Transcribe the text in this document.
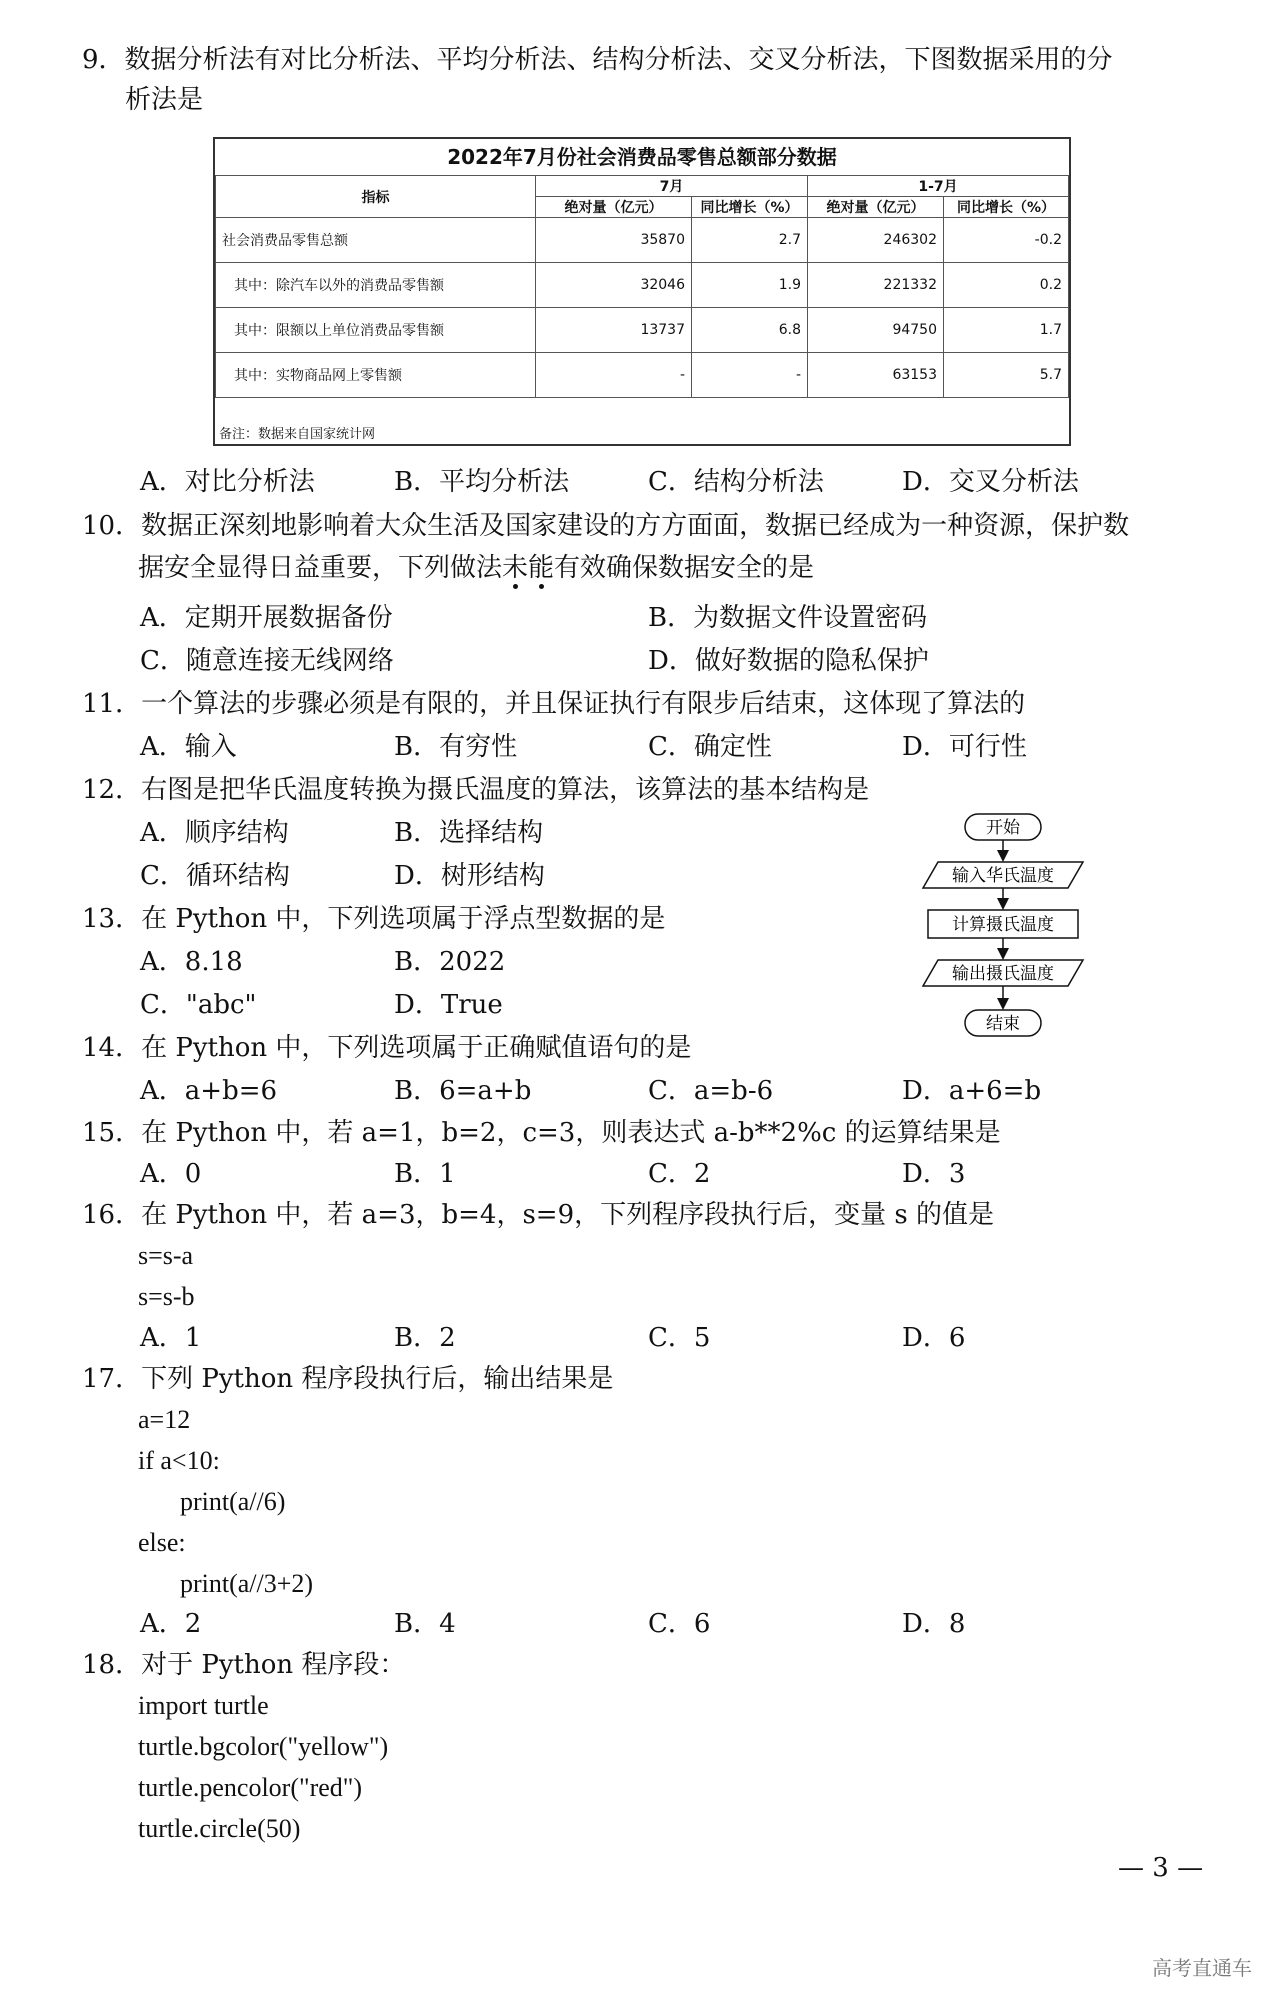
9．数据分析法有对比分析法、平均分析法、结构分析法、交叉分析法，下图数据采用的分
析法是
2022年7月份社会消费品零售总额部分数据
指标	7月		1-7月	
	绝对量（亿元）	同比增长（%）	绝对量（亿元）	同比增长（%）
社会消费品零售总额	35870	2.7	246302	-0.2
其中：除汽车以外的消费品零售额	32046	1.9	221332	0.2
其中：限额以上单位消费品零售额	13737	6.8	94750	1.7
其中：实物商品网上零售额	-	-	63153	5.7
备注：数据来自国家统计网
A．对比分析法	B．平均分析法	C．结构分析法	D．交叉分析法
10．数据正深刻地影响着大众生活及国家建设的方方面面，数据已经成为一种资源，保护数
据安全显得日益重要，下列做法未能有效确保数据安全的是
A．定期开展数据备份	B．为数据文件设置密码
C．随意连接无线网络	D．做好数据的隐私保护
11．一个算法的步骤必须是有限的，并且保证执行有限步后结束，这体现了算法的
A．输入	B．有穷性	C．确定性	D．可行性
12．右图是把华氏温度转换为摄氏温度的算法，该算法的基本结构是
A．顺序结构	B．选择结构
C．循环结构	D．树形结构
开始
输入华氏温度
计算摄氏温度
输出摄氏温度
结束
13．在 Python 中，下列选项属于浮点型数据的是
A．8.18	B．2022
C．"abc"	D．True
14．在 Python 中，下列选项属于正确赋值语句的是
A．a+b=6	B．6=a+b	C．a=b-6	D．a+6=b
15．在 Python 中，若 a=1，b=2，c=3，则表达式 a-b**2%c 的运算结果是
A．0	B．1	C．2	D．3
16．在 Python 中，若 a=3，b=4，s=9，下列程序段执行后，变量 s 的值是
s=s-a
s=s-b
A．1	B．2	C．5	D．6
17．下列 Python 程序段执行后，输出结果是
a=12
if a<10:
print(a//6)
else:
print(a//3+2)
A．2	B．4	C．6	D．8
18．对于 Python 程序段：
import turtle
turtle.bgcolor("yellow")
turtle.pencolor("red")
turtle.circle(50)
— 3 —
高考直通车
